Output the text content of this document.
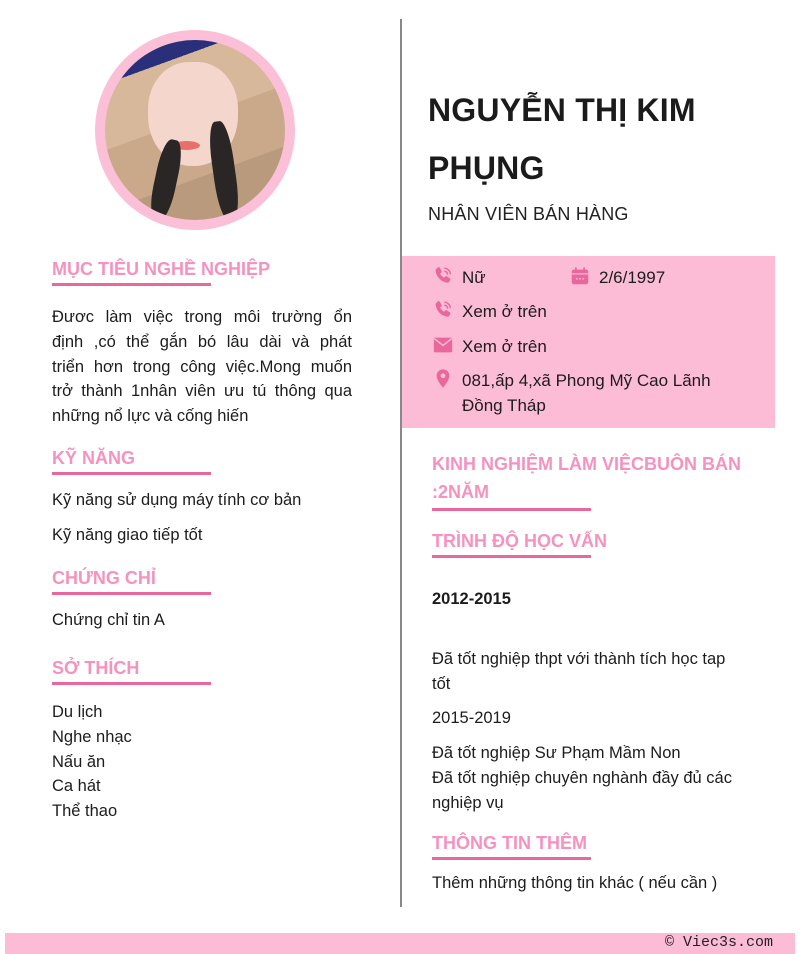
MỤC TIÊU NGHỀ NGHIỆP
Đươc làm việc trong môi trường ổn
định ,có thể gắn bó lâu dài và phát
triển hơn trong công việc.Mong muốn
trở thành 1nhân viên ưu tú thông qua
những nổ lực và cống hiến
KỸ NĂNG
Kỹ năng sử dụng máy tính cơ bản
Kỹ năng giao tiếp tốt
CHỨNG CHỈ
Chứng chỉ tin A
SỞ THÍCH
Du lịch
Nghe nhạc
Nấu ăn
Ca hát
Thể thao
NGUYỄN THỊ KIM
PHỤNG
NHÂN VIÊN BÁN HÀNG
Nữ	2/6/1997
Xem ở trên
Xem ở trên
081,ấp 4,xã Phong Mỹ Cao Lãnh
Đồng Tháp
KINH NGHIỆM LÀM VIỆCBUÔN BÁN
:2NĂM
TRÌNH ĐỘ HỌC VẤN
2012-2015
Đã tốt nghiệp thpt với thành tích học tap
tốt
2015-2019
Đã tốt nghiệp Sư Phạm Mầm Non
Đã tốt nghiệp chuyên nghành đầy đủ các
nghiệp vụ
THÔNG TIN THÊM
Thêm những thông tin khác ( nếu cần )
© Viec3s.com
